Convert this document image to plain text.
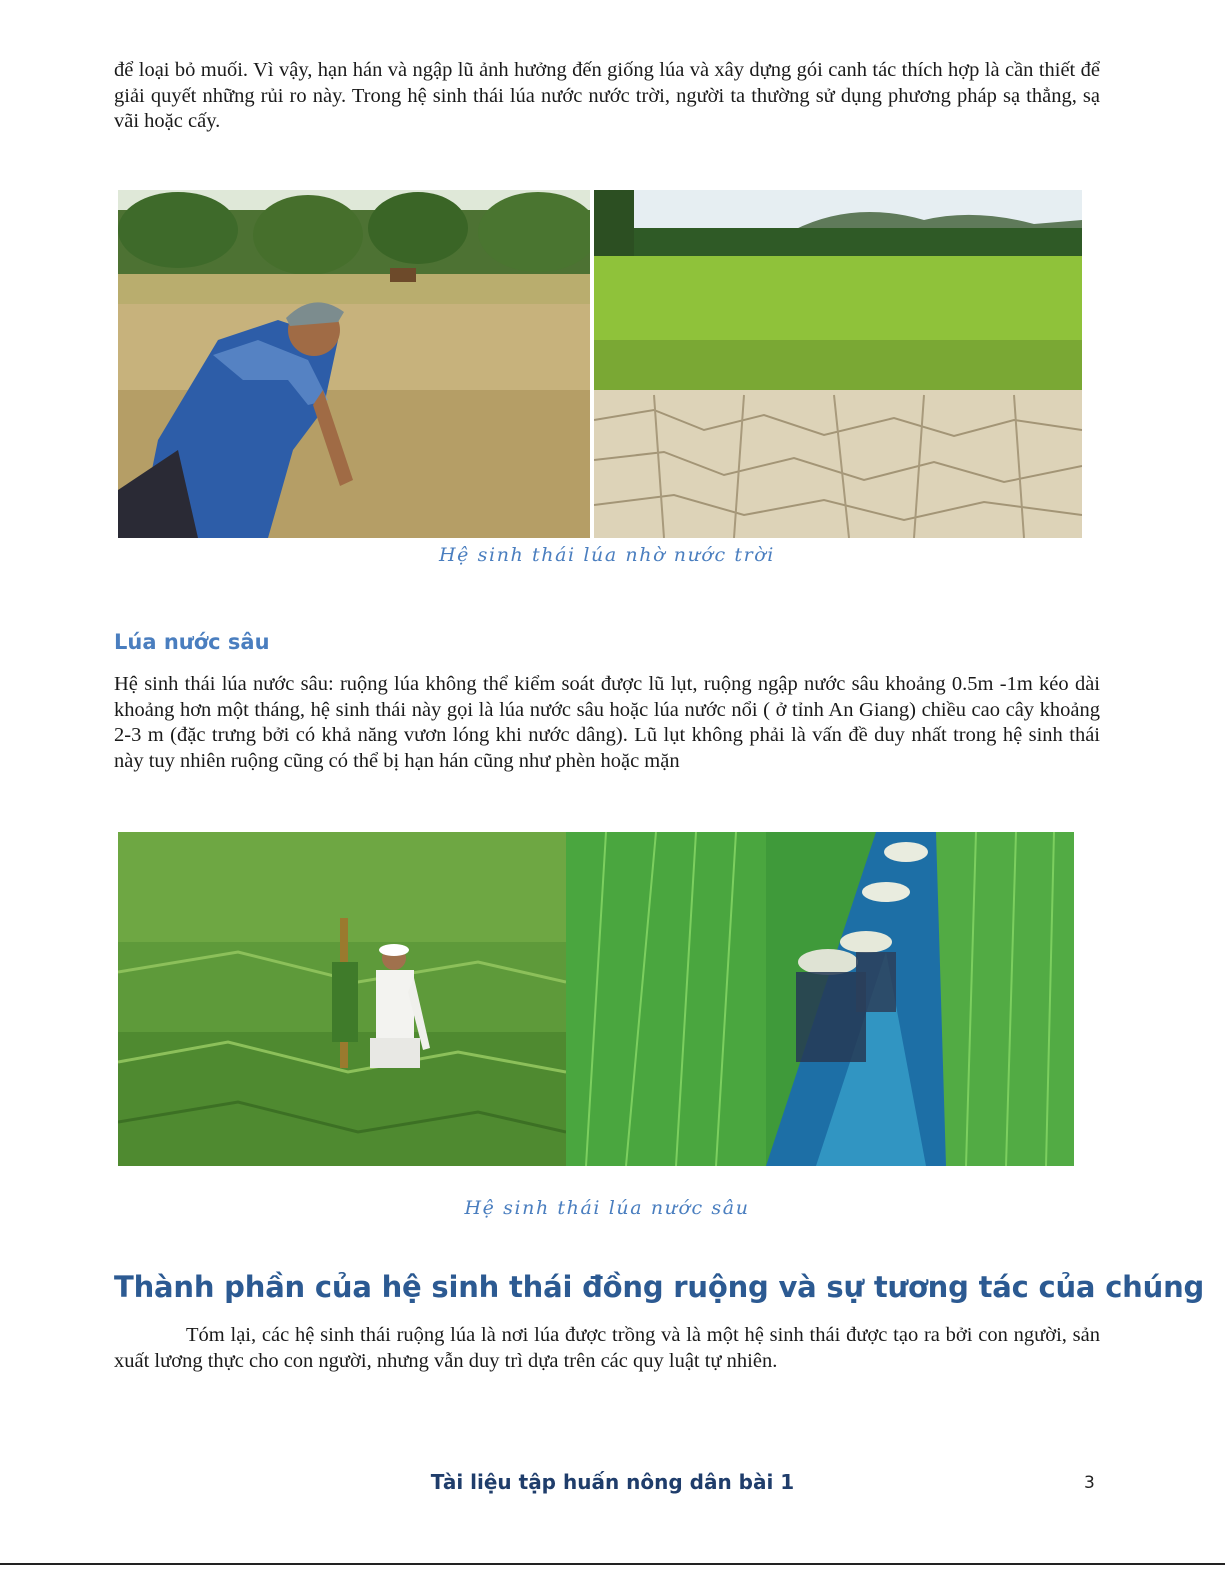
để loại bỏ muối. Vì vậy, hạn hán và ngập lũ ảnh hưởng đến giống lúa và xây dựng gói canh tác thích hợp là cần thiết để giải quyết những rủi ro này. Trong hệ sinh thái lúa nước nước trời, người ta thường sử dụng phương pháp sạ thẳng, sạ vãi hoặc cấy.

Hệ sinh thái lúa nhờ nước trời

Lúa nước sâu

Hệ sinh thái lúa nước sâu: ruộng lúa không thể kiểm soát được lũ lụt, ruộng ngập nước sâu khoảng 0.5m -1m kéo dài khoảng hơn một tháng, hệ sinh thái này gọi là lúa nước sâu hoặc lúa nước nổi ( ở tỉnh An Giang) chiều cao cây khoảng 2-3 m (đặc trưng bởi có khả năng vươn lóng khi nước dâng). Lũ lụt không phải là vấn đề duy nhất trong hệ sinh thái này tuy nhiên ruộng cũng có thể bị hạn hán cũng như phèn hoặc mặn

Hệ sinh thái lúa nước sâu

Thành phần của hệ sinh thái đồng ruộng và sự tương tác của chúng

Tóm lại, các hệ sinh thái ruộng lúa là nơi lúa được trồng và là một hệ sinh thái được tạo ra bởi con người, sản xuất lương thực cho con người, nhưng vẫn duy trì dựa trên các quy luật tự nhiên.

Tài liệu tập huấn nông dân bài 1	3
